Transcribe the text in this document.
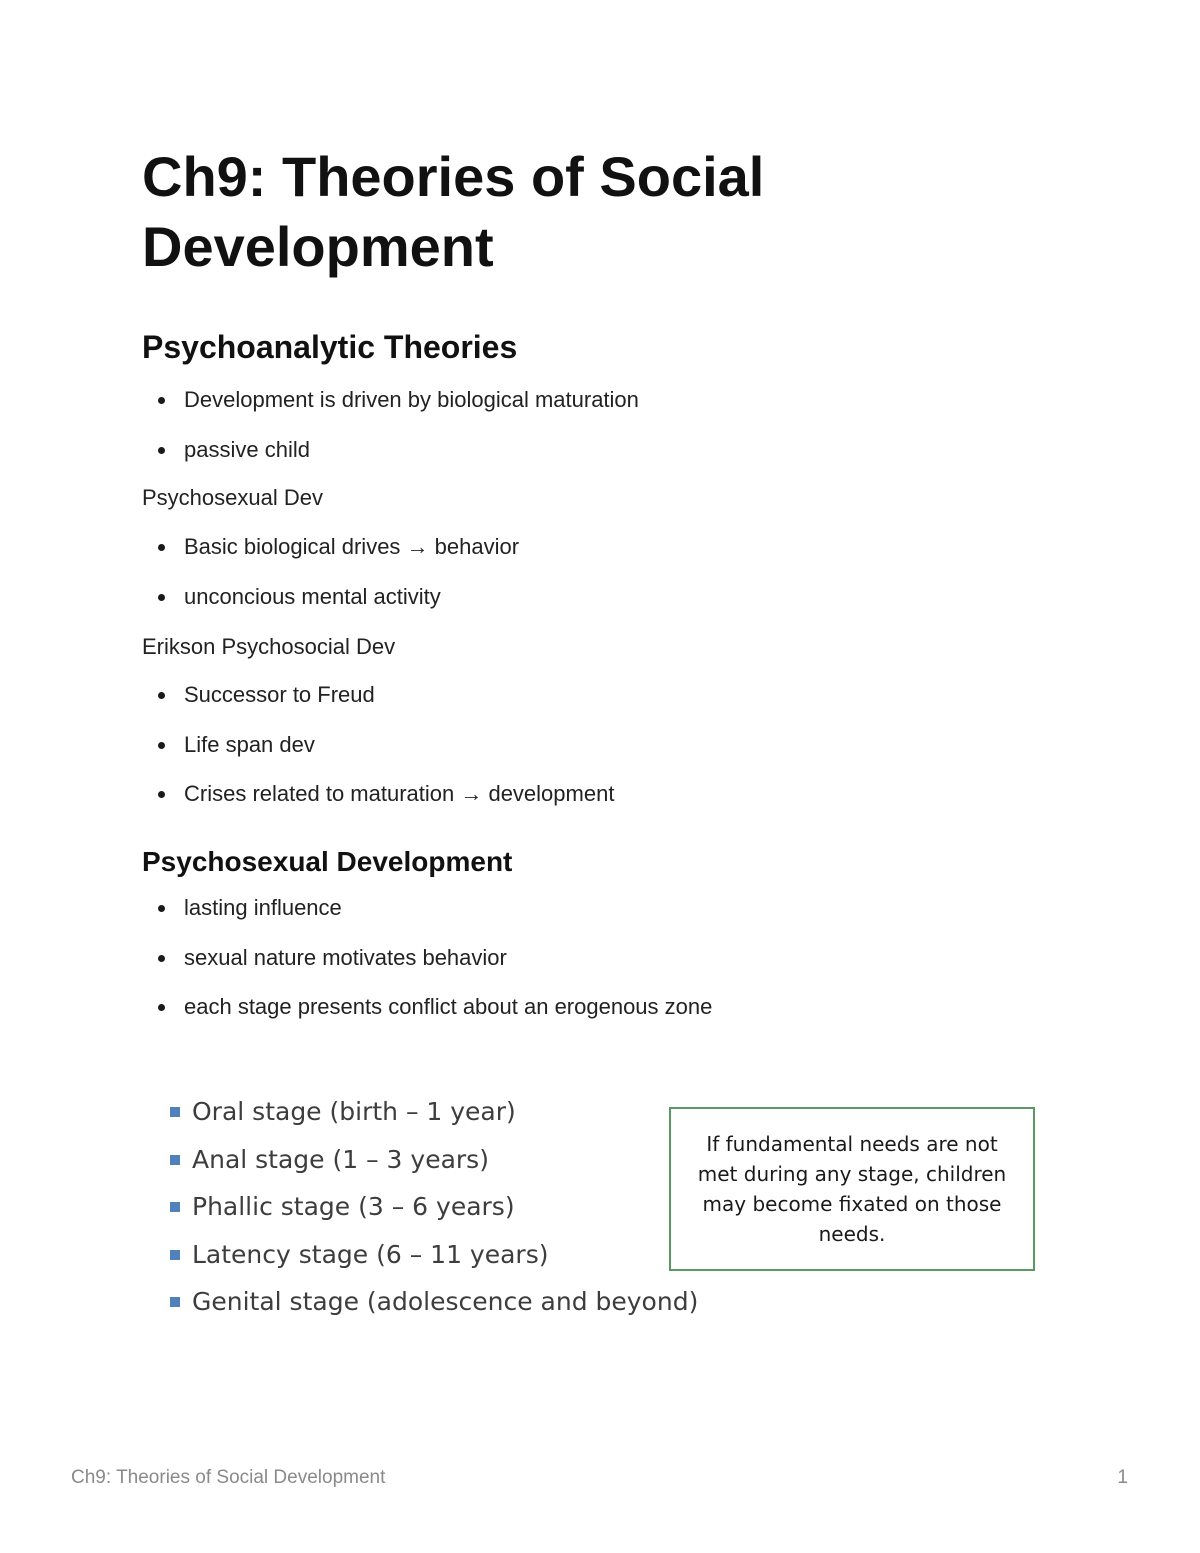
Ch9: Theories of Social Development
Psychoanalytic Theories
Development is driven by biological maturation
passive child

Psychosexual Dev

Basic biological drives → behavior
unconcious mental activity

Erikson Psychosocial Dev

Successor to Freud
Life span dev
Crises related to maturation → development
Psychosexual Development
lasting influence
sexual nature motivates behavior
each stage presents conflict about an erogenous zone
Oral stage (birth – 1 year)
Anal stage (1 – 3 years)
Phallic stage (3 – 6 years)
Latency stage (6 – 11 years)
Genital stage (adolescence and beyond)

If fundamental needs are not met during any stage, children may become fixated on those needs.

Ch9: Theories of Social Development	1
